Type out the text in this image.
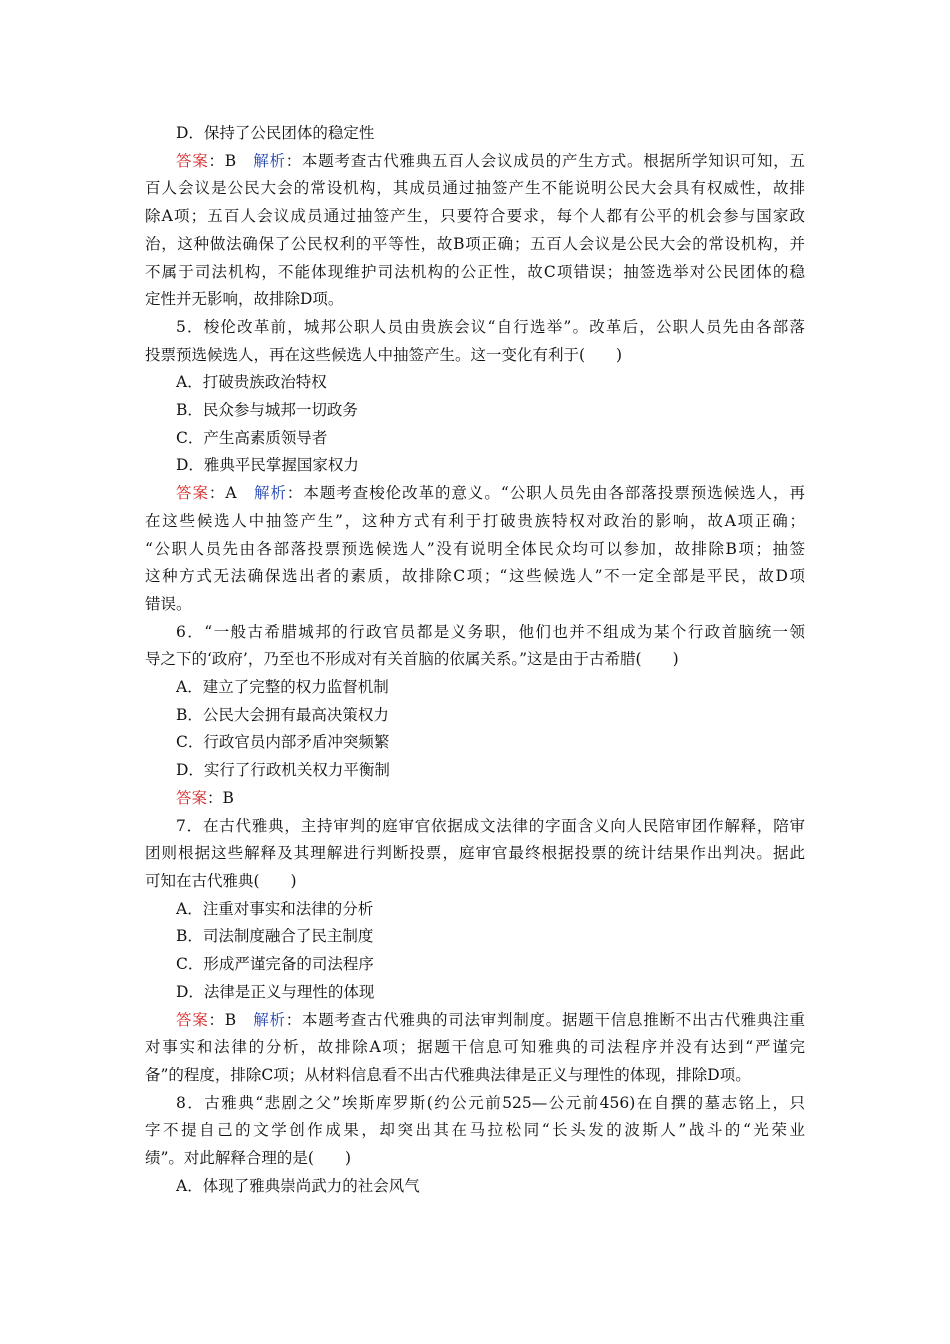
D．保持了公民团体的稳定性
答案：B　 解析：本题考查古代雅典五百人会议成员的产生方式。根据所学知识可知，五
百人会议是公民大会的常设机构，其成员通过抽签产生不能说明公民大会具有权威性，故排
除A项；五百人会议成员通过抽签产生，只要符合要求，每个人都有公平的机会参与国家政
治，这种做法确保了公民权利的平等性，故B项正确；五百人会议是公民大会的常设机构，并
不属于司法机构，不能体现维护司法机构的公正性，故C项错误；抽签选举对公民团体的稳
定性并无影响，故排除D项。
5．梭伦改革前，城邦公职人员由贵族会议“自行选举”。改革后，公职人员先由各部落
投票预选候选人，再在这些候选人中抽签产生。这一变化有利于(　　)
A．打破贵族政治特权
B．民众参与城邦一切政务
C．产生高素质领导者
D．雅典平民掌握国家权力
答案：A　 解析：本题考查梭伦改革的意义。“公职人员先由各部落投票预选候选人，再
在这些候选人中抽签产生”，这种方式有利于打破贵族特权对政治的影响，故A项正确；
“公职人员先由各部落投票预选候选人”没有说明全体民众均可以参加，故排除B项；抽签
这种方式无法确保选出者的素质，故排除C项；“这些候选人”不一定全部是平民，故D项
错误。
6．“一般古希腊城邦的行政官员都是义务职，他们也并不组成为某个行政首脑统一领
导之下的‘政府’，乃至也不形成对有关首脑的依属关系。”这是由于古希腊(　　)
A．建立了完整的权力监督机制
B．公民大会拥有最高决策权力
C．行政官员内部矛盾冲突频繁
D．实行了行政机关权力平衡制
答案：B
7．在古代雅典，主持审判的庭审官依据成文法律的字面含义向人民陪审团作解释，陪审
团则根据这些解释及其理解进行判断投票，庭审官最终根据投票的统计结果作出判决。据此
可知在古代雅典(　　)
A．注重对事实和法律的分析
B．司法制度融合了民主制度
C．形成严谨完备的司法程序
D．法律是正义与理性的体现
答案：B　 解析：本题考查古代雅典的司法审判制度。据题干信息推断不出古代雅典注重
对事实和法律的分析，故排除A项；据题干信息可知雅典的司法程序并没有达到“严谨完
备”的程度，排除C项；从材料信息看不出古代雅典法律是正义与理性的体现，排除D项。
8．古雅典“悲剧之父”埃斯库罗斯(约公元前525—公元前456)在自撰的墓志铭上，只
字不提自己的文学创作成果，却突出其在马拉松同“长头发的波斯人”战斗的“光荣业
绩”。对此解释合理的是(　　)
A．体现了雅典崇尚武力的社会风气
